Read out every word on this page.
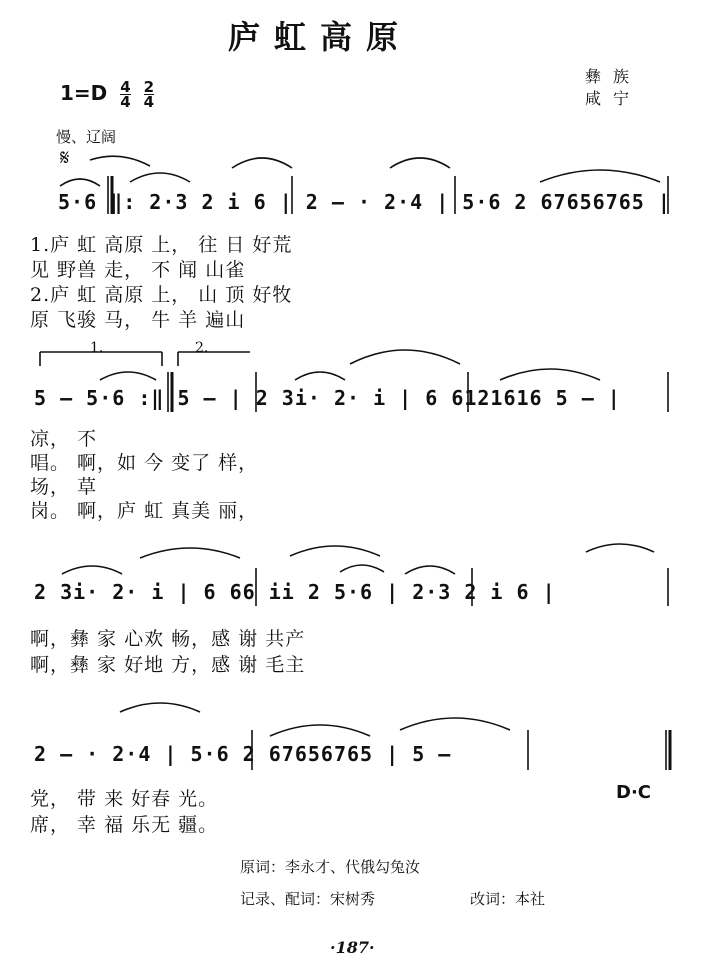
庐虹高原
$1=D \frac{4}{4}$
$\frac{2}{4}$
彝族
咸宁
慢、辽阔
𝄋
5·6 ‖: 2·3 2 i 6 | 2 — · 2·4 | 5·6 2 67656765 |
1.庐 虹 高原 上， 往 日 好荒
见 野兽 走， 不 闻 山雀
2.庐 虹 高原 上， 山 顶 好牧
原 飞骏 马， 牛 羊 遍山
1.	2.
5 — 5·6 :‖ 5 — | 2 3i· 2· i | 6 6121616 5 — |
凉， 不
唱。 啊，如 今 变了 样，
场， 草
岗。 啊，庐 虹 真美 丽，
2 3i· 2· i | 6 66 ii 2 5·6 | 2·3 2 i 6 |
啊，彝 家 心欢 畅，感 谢 共产
啊，彝 家 好地 方，感 谢 毛主
2 — · 2·4 | 5·6 2 67656765 | 5 —
党， 带 来 好春 光。
席， 幸 福 乐无 疆。
D·C
原词：李永才、代俄勾兔汝
记录、配词：宋树秀	改词：本社
·187·
